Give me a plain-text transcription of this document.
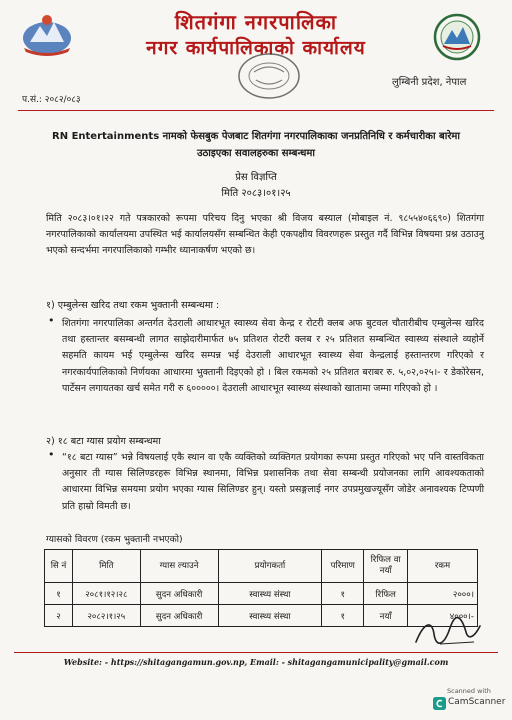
शितगंगा नगरपालिका
नगर कार्यपालिकाको कार्यालय
लुम्बिनी प्रदेश, नेपाल
प.सं.: २०८२/०८३
RN Entertainments नामको फेसबुक पेजबाट शितगंगा नगरपालिकाका जनप्रतिनिधि र कर्मचारीका बारेमा उठाइएका सवालहरुका सम्बन्धमा
प्रेस विज्ञप्ति
मिति २०८३।०१।२५
मिति २०८३।०१।२२ गते पत्रकारको रूपमा परिचय दिनु भएका श्री विजय बस्याल (मोबाइल नं. ९८५५४०६६९०) शितगंगा नगरपालिकाको कार्यालयमा उपस्थित भई कार्यालयसँग सम्बन्धित केही एकपक्षीय विवरणहरू प्रस्तुत गर्दै विभिन्न विषयमा प्रश्न उठाउनु भएको सन्दर्भमा नगरपालिकाको गम्भीर ध्यानाकर्षण भएको छ।
१) एम्बुलेन्स खरिद तथा रकम भुक्तानी सम्बन्धमा :
• शितगंगा नगरपालिका अन्तर्गत देउराली आधारभूत स्वास्थ्य सेवा केन्द्र र रोटरी क्लब अफ बुटवल चौतारीबीच एम्बुलेन्स खरिद तथा हस्तान्तर बसम्बन्धी लागत साझेदारीमार्फत ७५ प्रतिशत रोटरी क्लब र २५ प्रतिशत सम्बन्धित स्वास्थ्य संस्थाले व्यहोर्ने सहमति कायम भई एम्बुलेन्स खरिद सम्पन्न भई देउराली आधारभूत स्वास्थ्य सेवा केन्द्रलाई हस्तान्तरण गरिएको र नगरकार्यपालिकाको निर्णयका आधारमा भुक्तानी दिइएको हो । बिल रकमको २५ प्रतिशत बराबर रु. ५,०२,०२५।- र डेकोरेसन, पार्टेसन लगायतका खर्च समेत गरी रु ६०००००। देउराली आधारभूत स्वास्थ्य संस्थाको खातामा जम्मा गरिएको हो ।
२) १८ बटा ग्यास प्रयोग सम्बन्धमा
• “१८ बटा ग्यास” भन्ने विषयलाई एकै स्थान वा एकै व्यक्तिको व्यक्तिगत प्रयोगका रूपमा प्रस्तुत गरिएको भए पनि वास्तविकता अनुसार ती ग्यास सिलिण्डरहरू विभिन्न स्थानमा, विभिन्न प्रशासनिक तथा सेवा सम्बन्धी प्रयोजनका लागि आवश्यकताको आधारमा विभिन्न समयमा प्रयोग भएका ग्यास सिलिण्डर हुन्। यस्तो प्रसङ्गलाई नगर उपप्रमुखज्यूसँग जोडेर अनावश्यक टिप्पणी प्रति हाम्रो विमती छ।
ग्यासको विवरण (रकम भुक्तानी नभएको)
सि नं	मिति	ग्यास ल्याउने	प्रयोगकर्ता	परिमाण	रिफिल वा नयाँ	रकम
१	२०८१।१२।२८	सुदन अधिकारी	स्वास्थ्य संस्था	१	रिफिल	२०००।
२	२०८२।१।२५	सुदन अधिकारी	स्वास्थ्य संस्था	१	नयाँ	४०००।-
Website: - https://shitagangamun.gov.np, Email: - shitagangamunicipality@gmail.com
Scanned with
CamScanner
